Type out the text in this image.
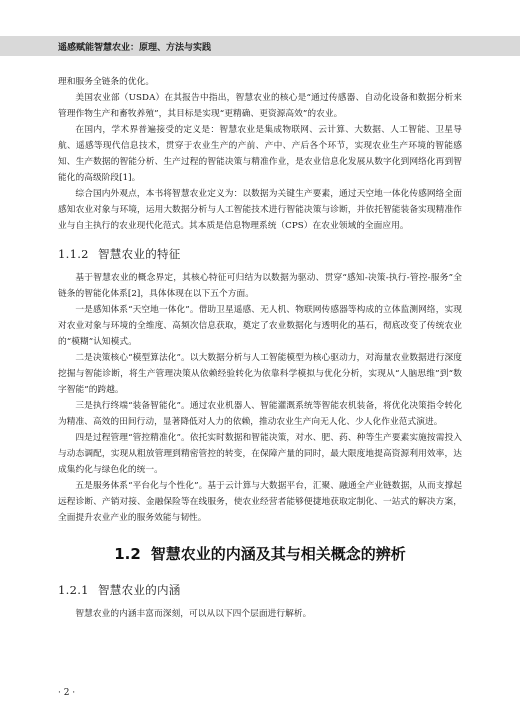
遥感赋能智慧农业：原理、方法与实践

理和服务全链条的优化。

美国农业部（USDA）在其报告中指出，智慧农业的核心是“通过传感器、自动化设备和数据分析来管理作物生产和畜牧养殖”，其目标是实现“更精确、更资源高效”的农业。

在国内，学术界普遍接受的定义是：智慧农业是集成物联网、云计算、大数据、人工智能、卫星导航、遥感等现代信息技术，贯穿于农业生产的产前、产中、产后各个环节，实现农业生产环境的智能感知、生产数据的智能分析、生产过程的智能决策与精准作业，是农业信息化发展从数字化到网络化再到智能化的高级阶段[1]。

综合国内外观点，本书将智慧农业定义为：以数据为关键生产要素，通过天空地一体化传感网络全面感知农业对象与环境，运用大数据分析与人工智能技术进行智能决策与诊断，并依托智能装备实现精准作业与自主执行的农业现代化范式。其本质是信息物理系统（CPS）在农业领域的全面应用。

1.1.2 智慧农业的特征

基于智慧农业的概念界定，其核心特征可归结为以数据为驱动、贯穿“感知-决策-执行-管控-服务”全链条的智能化体系[2]，具体体现在以下五个方面。

一是感知体系“天空地一体化”。借助卫星遥感、无人机、物联网传感器等构成的立体监测网络，实现对农业对象与环境的全维度、高频次信息获取，奠定了农业数据化与透明化的基石，彻底改变了传统农业的“模糊”认知模式。

二是决策核心“模型算法化”。以大数据分析与人工智能模型为核心驱动力，对海量农业数据进行深度挖掘与智能诊断，将生产管理决策从依赖经验转化为依靠科学模拟与优化分析，实现从“人脑思维”到“数字智能”的跨越。

三是执行终端“装备智能化”。通过农业机器人、智能灌溉系统等智能农机装备，将优化决策指令转化为精准、高效的田间行动，显著降低对人力的依赖，推动农业生产向无人化、少人化作业范式演进。

四是过程管理“管控精准化”。依托实时数据和智能决策，对水、肥、药、种等生产要素实施按需投入与动态调配，实现从粗放管理到精密管控的转变，在保障产量的同时，最大限度地提高资源利用效率，达成集约化与绿色化的统一。

五是服务体系“平台化与个性化”。基于云计算与大数据平台，汇聚、融通全产业链数据，从而支撑起远程诊断、产销对接、金融保险等在线服务，使农业经营者能够便捷地获取定制化、一站式的解决方案，全面提升农业产业的服务效能与韧性。

1.2 智慧农业的内涵及其与相关概念的辨析
1.2.1 智慧农业的内涵

智慧农业的内涵丰富而深刻，可以从以下四个层面进行解析。

· 2 ·
